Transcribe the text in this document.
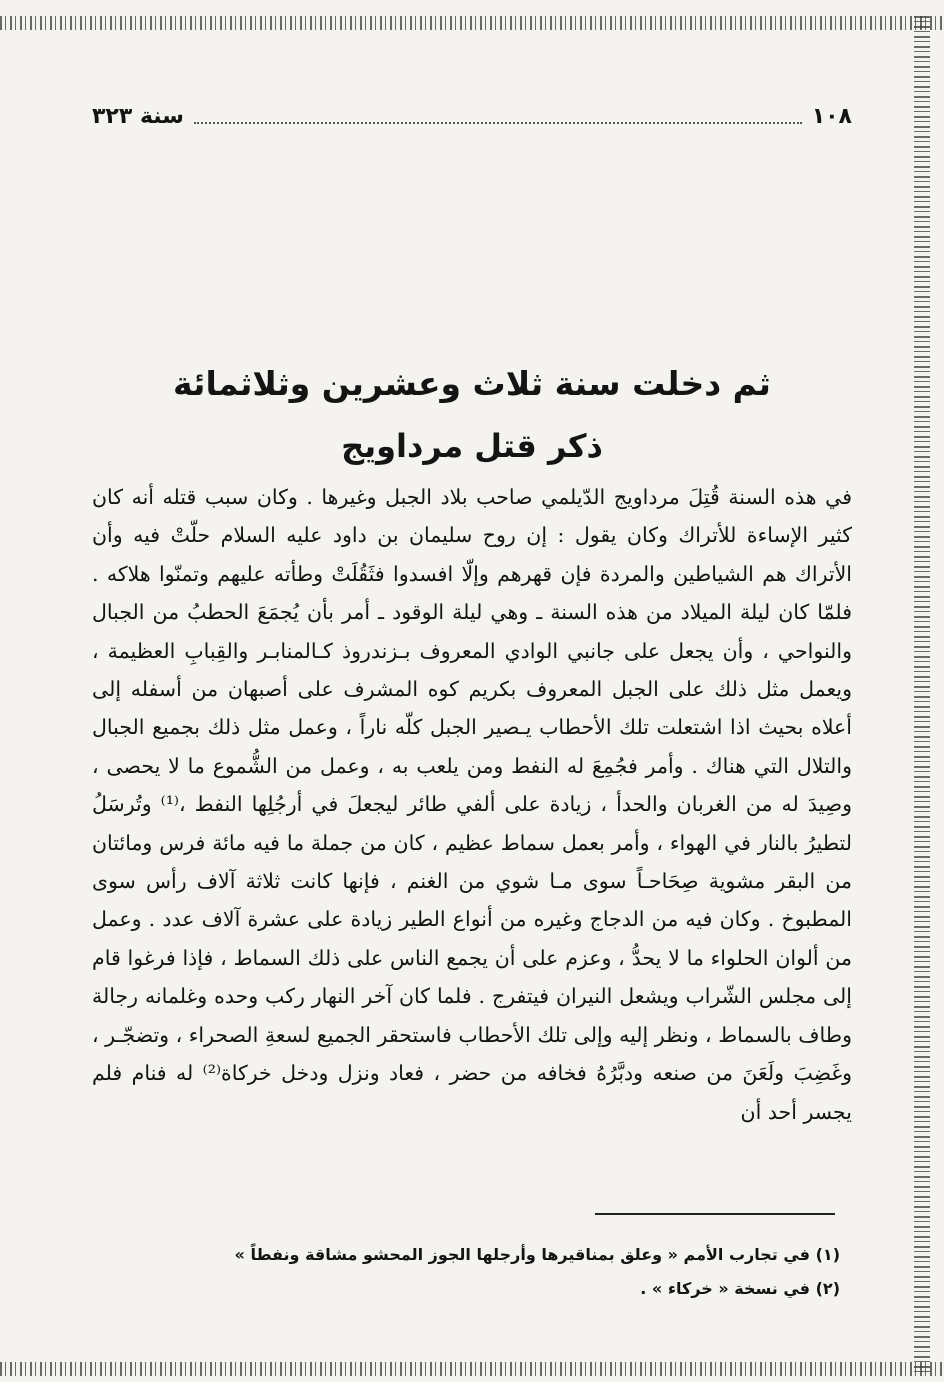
١٠٨
سنة ٣٢٣
ثم دخلت سنة ثلاث وعشرين وثلاثمائة
ذكر قتل مرداويج

في هذه السنة قُتِلَ مرداويج الدّيلمي صاحب بلاد الجبل وغيرها . وكان سبب قتله أنه كان كثير الإساءة للأتراك وكان يقول : إن روح سليمان بن داود عليه السلام حلّتْ فيه وأن الأتراك هم الشياطين والمردة فإن قهرهم وإلّا افسدوا فثَقُلَتْ وطأته عليهم وتمنّوا هلاكه . فلمّا كان ليلة الميلاد من هذه السنة ـ وهي ليلة الوقود ـ أمر بأن يُجمَعَ الحطبُ من الجبال والنواحي ، وأن يجعل على جانبي الوادي المعروف بـزندروذ كـالمنابـر والقِبابِ العظيمة ، ويعمل مثل ذلك على الجبل المعروف بكريم كوه المشرف على أصبهان من أسفله إلى أعلاه بحيث اذا اشتعلت تلك الأحطاب يـصير الجبل كلّه ناراً ، وعمل مثل ذلك بجميع الجبال والتلال التي هناك . وأمر فجُمِعَ له النفط ومن يلعب به ، وعمل من الشُّموع ما لا يحصى ، وصِيدَ له من الغربان والحدأ ، زيادة على ألفي طائر ليجعلَ في أرجُلِها النفط ،⁽¹⁾ وتُرسَلُ لتطيرُ بالنار في الهواء ، وأمر بعمل سماط عظيم ، كان من جملة ما فيه مائة فرس ومائتان من البقر مشوية صِحَاحـاً سوى مـا شوي من الغنم ، فإنها كانت ثلاثة آلاف رأس سوى المطبوخ . وكان فيه من الدجاج وغيره من أنواع الطير زيادة على عشرة آلاف عدد . وعمل من ألوان الحلواء ما لا يحدُّ ، وعزم على أن يجمع الناس على ذلك السماط ، فإذا فرغوا قام إلى مجلس الشّراب ويشعل النيران فيتفرج . فلما كان آخر النهار ركب وحده وغلمانه رجالة وطاف بالسماط ، ونظر إليه وإلى تلك الأحطاب فاستحقر الجميع لسعةِ الصحراء ، وتضجّـر ، وغَضِبَ ولَعَنَ من صنعه ودبَّرُهُ فخافه من حضر ، فعاد ونزل ودخل خركاة⁽²⁾ له فنام فلم يجسر أحد أن

(١) في تجارب الأمم « وعلق بمناقيرها وأرجلها الجوز المحشو مشاقة ونفطاً »
(٢) في نسخة « خركاء » .
